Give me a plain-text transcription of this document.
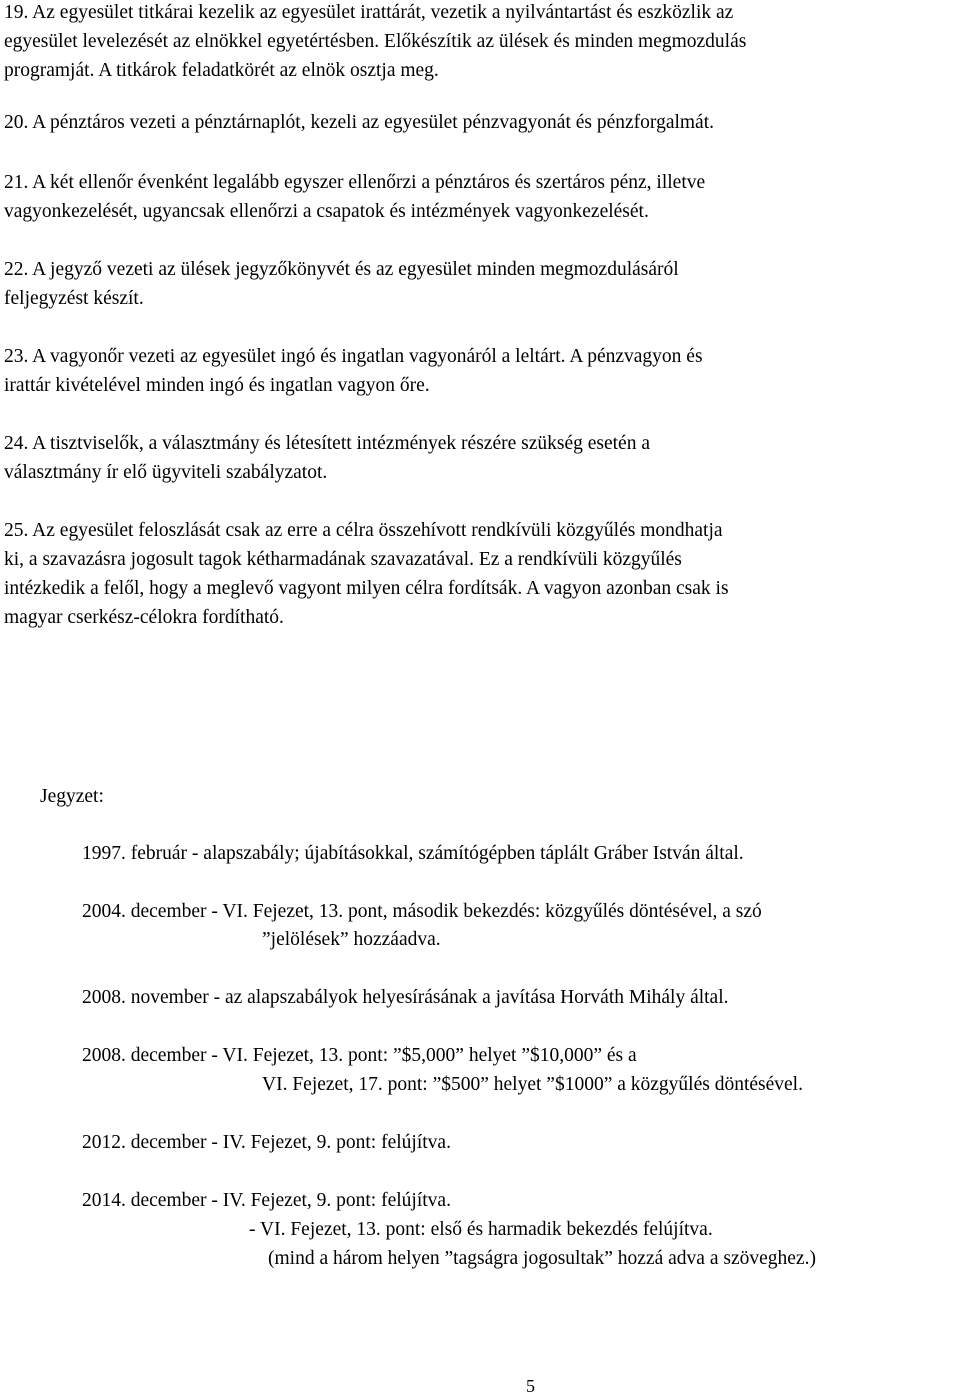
19. Az egyesület titkárai kezelik az egyesület irattárát, vezetik a nyilvántartást és eszközlik az
egyesület levelezését az elnökkel egyetértésben. Előkészítik az ülések és minden megmozdulás
programját. A titkárok feladatkörét az elnök osztja meg.
20. A pénztáros vezeti a pénztárnaplót, kezeli az egyesület pénzvagyonát és pénzforgalmát.
21. A két ellenőr évenként legalább egyszer ellenőrzi a pénztáros és szertáros pénz, illetve
vagyonkezelését, ugyancsak ellenőrzi a csapatok és intézmények vagyonkezelését.
22. A jegyző vezeti az ülések jegyzőkönyvét és az egyesület minden megmozdulásáról
feljegyzést készít.
23. A vagyonőr vezeti az egyesület ingó és ingatlan vagyonáról a leltárt. A pénzvagyon és
irattár kivételével minden ingó és ingatlan vagyon őre.
24. A tisztviselők, a választmány és létesített intézmények részére szükség esetén a
választmány ír elő ügyviteli szabályzatot.
25. Az egyesület feloszlását csak az erre a célra összehívott rendkívüli közgyűlés mondhatja
ki, a szavazásra jogosult tagok kétharmadának szavazatával. Ez a rendkívüli közgyűlés
intézkedik a felől, hogy a meglevő vagyont milyen célra fordítsák. A vagyon azonban csak is
magyar cserkész-célokra fordítható.
Jegyzet:
1997. február - alapszabály; újabításokkal, számítógépben táplált Gráber István által.
2004. december - VI. Fejezet, 13. pont, második bekezdés: közgyűlés döntésével, a szó
”jelölések” hozzáadva.
2008. november - az alapszabályok helyesírásának a javítása Horváth Mihály által.
2008. december - VI. Fejezet, 13. pont: ”$5,000” helyet ”$10,000” és a
VI. Fejezet, 17. pont: ”$500” helyet ”$1000” a közgyűlés döntésével.
2012. december - IV. Fejezet, 9. pont: felújítva.
2014. december - IV. Fejezet, 9. pont: felújítva.
- VI. Fejezet, 13. pont: első és harmadik bekezdés felújítva.
(mind a három helyen ”tagságra jogosultak” hozzá adva a szöveghez.)
5
